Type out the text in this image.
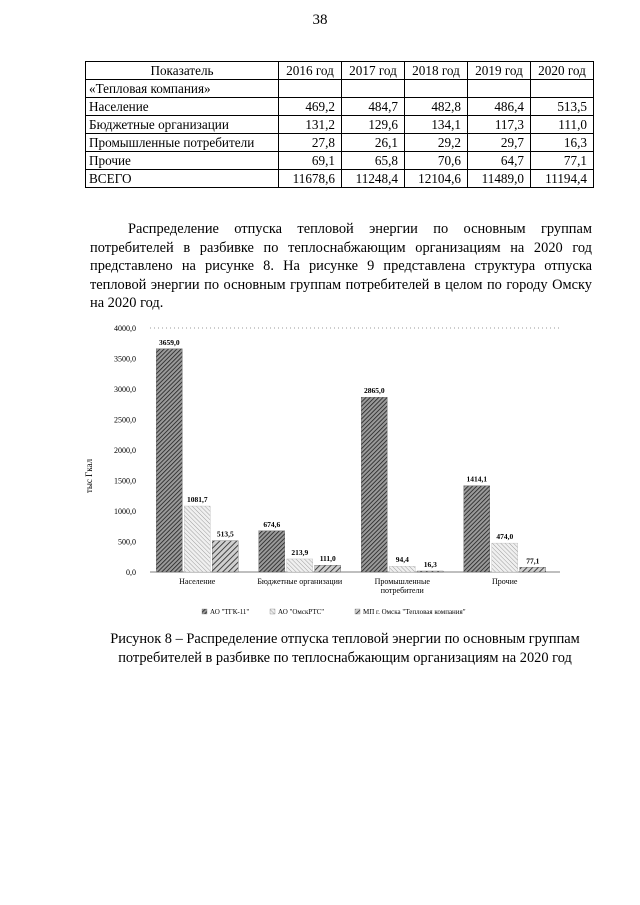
38
Показатель	2016 год	2017 год	2018 год	2019 год	2020 год
«Тепловая компания»					
Население	469,2	484,7	482,8	486,4	513,5
Бюджетные организации	131,2	129,6	134,1	117,3	111,0
Промышленные потребители	27,8	26,1	29,2	29,7	16,3
Прочие	69,1	65,8	70,6	64,7	77,1
ВСЕГО	11678,6	11248,4	12104,6	11489,0	11194,4
Распределение отпуска тепловой энергии по основным группам потребителей в разбивке по теплоснабжающим организациям на 2020 год представлено на рисунке 8. На рисунке 9 представлена структура отпуска тепловой энергии по основным группам потребителей в целом по городу Омску на 2020 год.
0,0
500,0
1000,0
1500,0
2000,0
2500,0
3000,0
3500,0
4000,0
тыс Гкал
3659,0
1081,7
513,5
674,6
213,9
111,0
2865,0
94,4
16,3
1414,1
474,0
77,1
Население	Бюджетные организации	Промышленные
потребители
Прочие
АО "ТГК-11"	АО "ОмскРТС"	МП г. Омска "Тепловая компания"
Рисунок 8 – Распределение отпуска тепловой энергии по основным группам потребителей в разбивке по теплоснабжающим организациям на 2020 год
